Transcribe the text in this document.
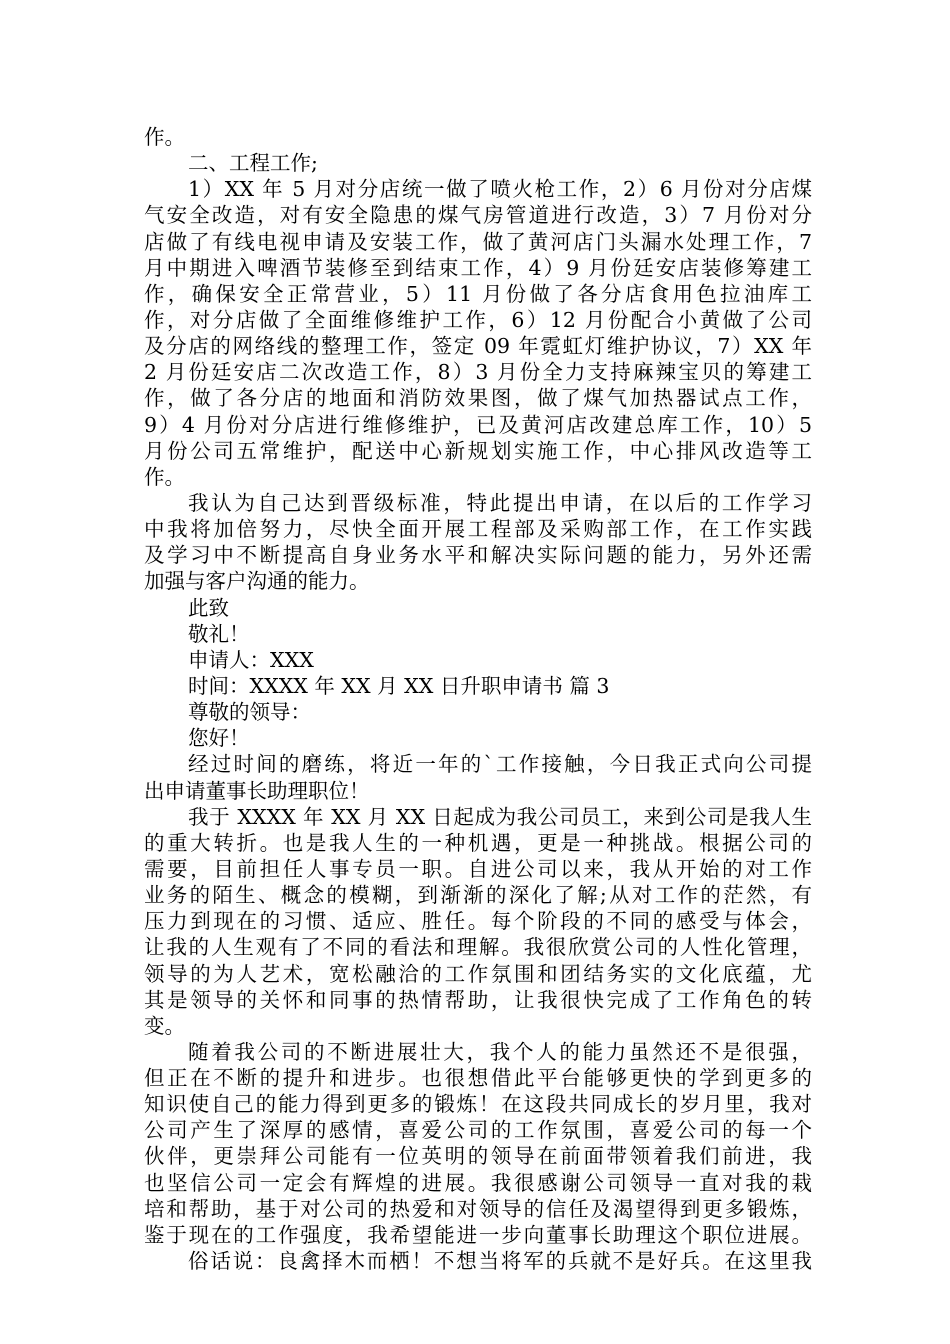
作。
二、工程工作;
1）XX 年 5 月对分店统一做了喷火枪工作，2）6 月份对分店煤
气安全改造，对有安全隐患的煤气房管道进行改造，3）7 月份对分
店做了有线电视申请及安装工作，做了黄河店门头漏水处理工作，7
月中期进入啤酒节装修至到结束工作，4）9 月份廷安店装修筹建工
作，确保安全正常营业，5）11 月份做了各分店食用色拉油库工
作，对分店做了全面维修维护工作，6）12 月份配合小黄做了公司
及分店的网络线的整理工作，签定 09 年霓虹灯维护协议，7）XX 年
2 月份廷安店二次改造工作，8）3 月份全力支持麻辣宝贝的筹建工
作，做了各分店的地面和消防效果图，做了煤气加热器试点工作，
9）4 月份对分店进行维修维护，已及黄河店改建总库工作，10）5
月份公司五常维护，配送中心新规划实施工作，中心排风改造等工
作。
我认为自己达到晋级标准，特此提出申请，在以后的工作学习
中我将加倍努力，尽快全面开展工程部及采购部工作，在工作实践
及学习中不断提高自身业务水平和解决实际问题的能力，另外还需
加强与客户沟通的能力。
此致
敬礼！
申请人：XXX
时间：XXXX 年 XX 月 XX 日升职申请书 篇 3
尊敬的领导：
您好！
经过时间的磨练，将近一年的`工作接触，今日我正式向公司提
出申请董事长助理职位！
我于 XXXX 年 XX 月 XX 日起成为我公司员工，来到公司是我人生
的重大转折。也是我人生的一种机遇，更是一种挑战。根据公司的
需要，目前担任人事专员一职。自进公司以来，我从开始的对工作
业务的陌生、概念的模糊，到渐渐的深化了解;从对工作的茫然，有
压力到现在的习惯、适应、胜任。每个阶段的不同的感受与体会，
让我的人生观有了不同的看法和理解。我很欣赏公司的人性化管理，
领导的为人艺术，宽松融洽的工作氛围和团结务实的文化底蕴，尤
其是领导的关怀和同事的热情帮助，让我很快完成了工作角色的转
变。
随着我公司的不断进展壮大，我个人的能力虽然还不是很强，
但正在不断的提升和进步。也很想借此平台能够更快的学到更多的
知识使自己的能力得到更多的锻炼！在这段共同成长的岁月里，我对
公司产生了深厚的感情，喜爱公司的工作氛围，喜爱公司的每一个
伙伴，更崇拜公司能有一位英明的领导在前面带领着我们前进，我
也坚信公司一定会有辉煌的进展。我很感谢公司领导一直对我的栽
培和帮助，基于对公司的热爱和对领导的信任及渴望得到更多锻炼，
鉴于现在的工作强度，我希望能进一步向董事长助理这个职位进展。
俗话说：良禽择木而栖！不想当将军的兵就不是好兵。在这里我
